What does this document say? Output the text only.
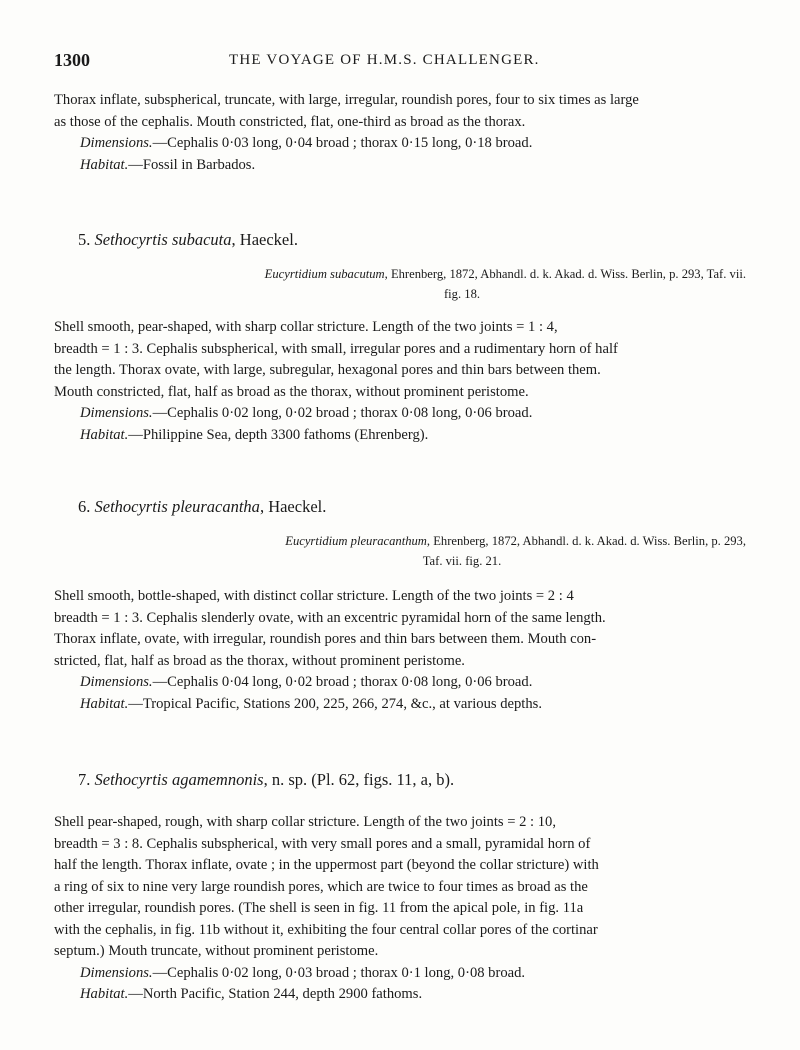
1300	THE VOYAGE OF H.M.S. CHALLENGER.

Thorax inflate, subspherical, truncate, with large, irregular, roundish pores, four to six times as large

as those of the cephalis. Mouth constricted, flat, one-third as broad as the thorax.

Dimensions.—Cephalis 0·03 long, 0·04 broad ; thorax 0·15 long, 0·18 broad.

Habitat.—Fossil in Barbados.

5. Sethocyrtis subacuta, Haeckel.
Eucyrtidium subacutum, Ehrenberg, 1872, Abhandl. d. k. Akad. d. Wiss. Berlin, p. 293, Taf. vii.
fig. 18.

Shell smooth, pear-shaped, with sharp collar stricture. Length of the two joints = 1 : 4,

breadth = 1 : 3. Cephalis subspherical, with small, irregular pores and a rudimentary horn of half

the length. Thorax ovate, with large, subregular, hexagonal pores and thin bars between them.

Mouth constricted, flat, half as broad as the thorax, without prominent peristome.

Dimensions.—Cephalis 0·02 long, 0·02 broad ; thorax 0·08 long, 0·06 broad.

Habitat.—Philippine Sea, depth 3300 fathoms (Ehrenberg).

6. Sethocyrtis pleuracantha, Haeckel.
Eucyrtidium pleuracanthum, Ehrenberg, 1872, Abhandl. d. k. Akad. d. Wiss. Berlin, p. 293,
Taf. vii. fig. 21.

Shell smooth, bottle-shaped, with distinct collar stricture. Length of the two joints = 2 : 4

breadth = 1 : 3. Cephalis slenderly ovate, with an excentric pyramidal horn of the same length.

Thorax inflate, ovate, with irregular, roundish pores and thin bars between them. Mouth con-

stricted, flat, half as broad as the thorax, without prominent peristome.

Dimensions.—Cephalis 0·04 long, 0·02 broad ; thorax 0·08 long, 0·06 broad.

Habitat.—Tropical Pacific, Stations 200, 225, 266, 274, &c., at various depths.

7. Sethocyrtis agamemnonis, n. sp. (Pl. 62, figs. 11, a, b).

Shell pear-shaped, rough, with sharp collar stricture. Length of the two joints = 2 : 10,

breadth = 3 : 8. Cephalis subspherical, with very small pores and a small, pyramidal horn of

half the length. Thorax inflate, ovate ; in the uppermost part (beyond the collar stricture) with

a ring of six to nine very large roundish pores, which are twice to four times as broad as the

other irregular, roundish pores. (The shell is seen in fig. 11 from the apical pole, in fig. 11a

with the cephalis, in fig. 11b without it, exhibiting the four central collar pores of the cortinar

septum.) Mouth truncate, without prominent peristome.

Dimensions.—Cephalis 0·02 long, 0·03 broad ; thorax 0·1 long, 0·08 broad.

Habitat.—North Pacific, Station 244, depth 2900 fathoms.
